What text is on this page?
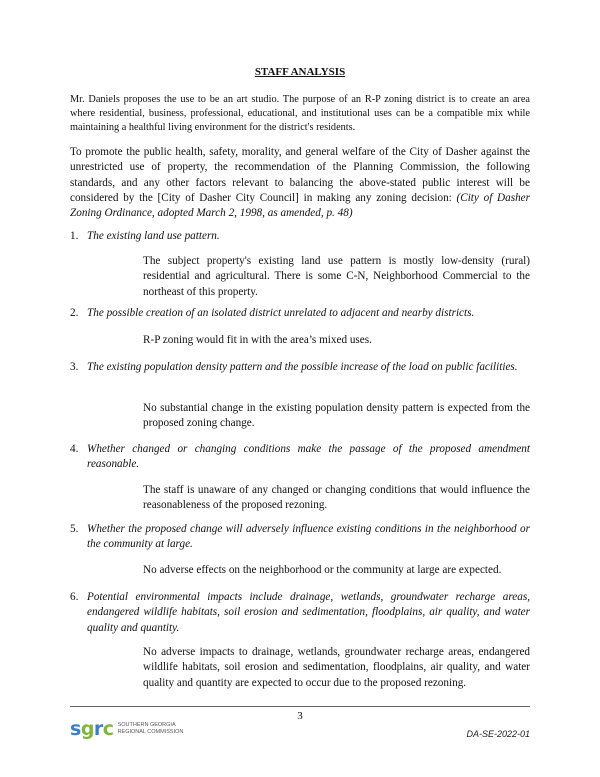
STAFF ANALYSIS
Mr. Daniels proposes the use to be an art studio. The purpose of an R-P zoning district is to create an area where residential, business, professional, educational, and institutional uses can be a compatible mix while maintaining a healthful living environment for the district's residents.
To promote the public health, safety, morality, and general welfare of the City of Dasher against the unrestricted use of property, the recommendation of the Planning Commission, the following standards, and any other factors relevant to balancing the above-stated public interest will be considered by the [City of Dasher City Council] in making any zoning decision: (City of Dasher Zoning Ordinance, adopted March 2, 1998, as amended, p. 48)
1. The existing land use pattern.
The subject property's existing land use pattern is mostly low-density (rural) residential and agricultural. There is some C-N, Neighborhood Commercial to the northeast of this property.
2. The possible creation of an isolated district unrelated to adjacent and nearby districts.
R-P zoning would fit in with the area’s mixed uses.
3. The existing population density pattern and the possible increase of the load on public facilities.
No substantial change in the existing population density pattern is expected from the proposed zoning change.
4. Whether changed or changing conditions make the passage of the proposed amendment reasonable.
The staff is unaware of any changed or changing conditions that would influence the reasonableness of the proposed rezoning.
5. Whether the proposed change will adversely influence existing conditions in the neighborhood or the community at large.
No adverse effects on the neighborhood or the community at large are expected.
6. Potential environmental impacts include drainage, wetlands, groundwater recharge areas, endangered wildlife habitats, soil erosion and sedimentation, floodplains, air quality, and water quality and quantity.
No adverse impacts to drainage, wetlands, groundwater recharge areas, endangered wildlife habitats, soil erosion and sedimentation, floodplains, air quality, and water quality and quantity are expected to occur due to the proposed rezoning.
3
sgrc SOUTHERN GEORGIA
REGIONAL COMMISSION	DA-SE-2022-01
